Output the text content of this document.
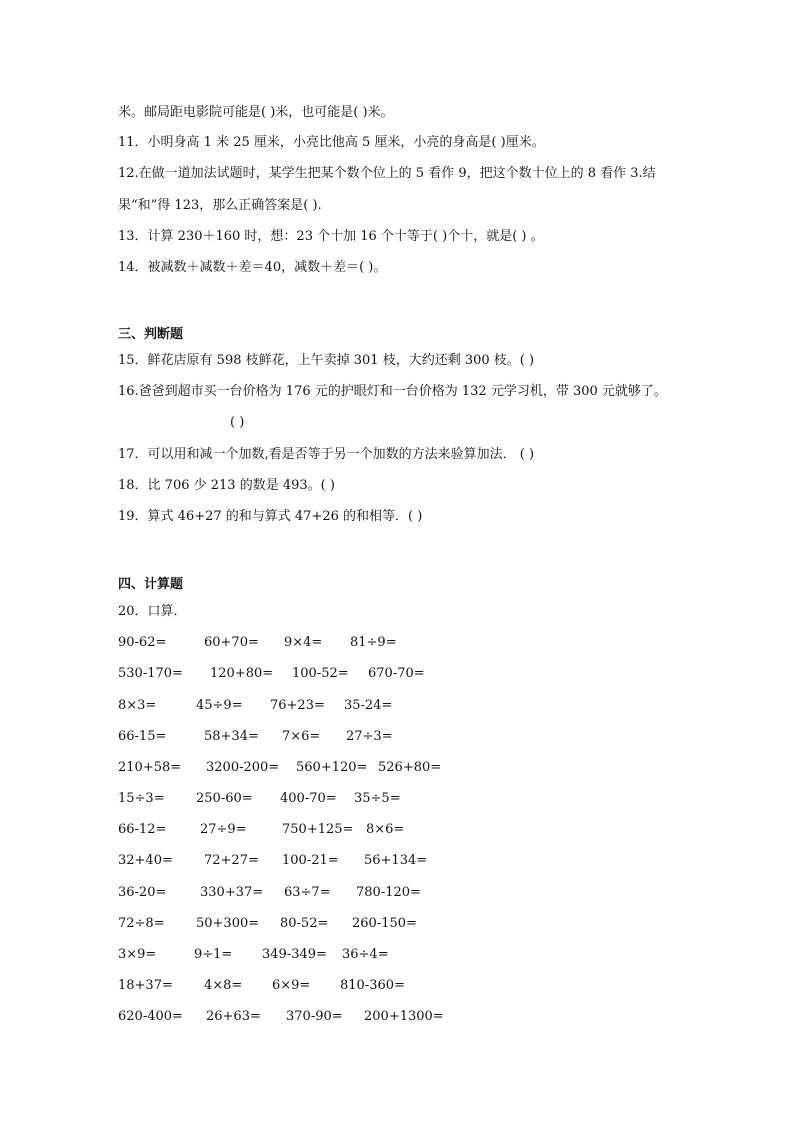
米。邮局距电影院可能是( )米，也可能是( )米。
11．小明身高 1 米 25 厘米，小亮比他高 5 厘米，小亮的身高是( )厘米。
12.在做一道加法试题时，某学生把某个数个位上的 5 看作 9，把这个数十位上的 8 看作 3.结
果“和”得 123，那么正确答案是( ).
13．计算 230＋160 时，想：23 个十加 16 个十等于( )个十，就是( ) 。
14．被减数＋减数＋差＝40，减数＋差＝( )。
三、判断题
15．鲜花店原有 598 枝鲜花，上午卖掉 301 枝，大约还剩 300 枝。( )
16.爸爸到超市买一台价格为 176 元的护眼灯和一台价格为 132 元学习机，带 300 元就够了。
( )
17．可以用和减一个加数,看是否等于另一个加数的方法来验算加法． ( )
18．比 706 少 213 的数是 493。( )
19．算式 46+27 的和与算式 47+26 的和相等．( )
四、计算题
20．口算．
90-62=	60+70= 9×4= 81÷9=
530-170= 120+80= 100-52= 670-70=
8×3=	45÷9= 76+23= 35-24=
66-15=	58+34= 7×6= 27÷3=
210+58= 3200-200= 560+120= 526+80=
15÷3= 250-60= 400-70= 35÷5=
66-12=	27÷9=	750+125= 8×6=
32+40= 72+27= 100-21= 56+134=
36-20=	330+37= 63÷7= 780-120=
72÷8= 50+300= 80-52= 260-150=
3×9=	9÷1= 349-349= 36÷4=
18+37= 4×8= 6×9= 810-360=
620-400= 26+63= 370-90= 200+1300=
